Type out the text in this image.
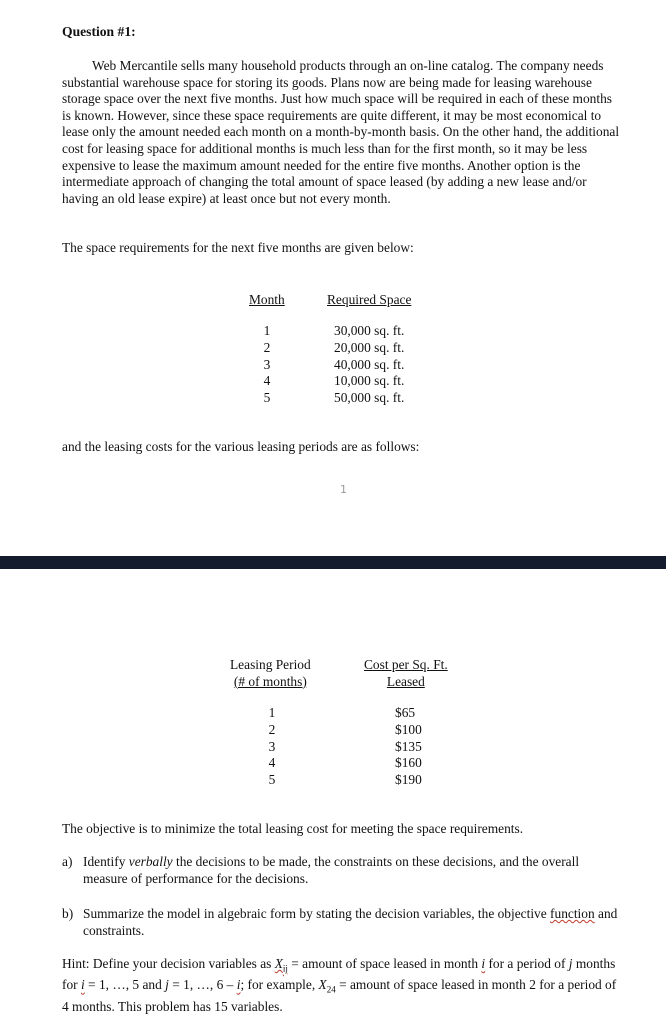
Question #1:

Web Mercantile sells many household products through an on-line catalog. The company needs substantial warehouse space for storing its goods. Plans now are being made for leasing warehouse storage space over the next five months. Just how much space will be required in each of these months is known. However, since these space requirements are quite different, it may be most economical to lease only the amount needed each month on a month-by-month basis. On the other hand, the additional cost for leasing space for additional months is much less than for the first month, so it may be less expensive to lease the maximum amount needed for the entire five months. Another option is the intermediate approach of changing the total amount of space leased (by adding a new lease and/or having an old lease expire) at least once but not every month.

The space requirements for the next five months are given below:

Month	Required Space
1
2
3
4
5
30,000 sq. ft.
20,000 sq. ft.
40,000 sq. ft.
10,000 sq. ft.
50,000 sq. ft.

and the leasing costs for the various leasing periods are as follows:

1
Leasing Period
(# of months)
Cost per Sq. Ft.
Leased
1
2
3
4
5
$65
$100
$135
$160
$190

The objective is to minimize the total leasing cost for meeting the space requirements.

a) Identify verbally the decisions to be made, the constraints on these decisions, and the overall measure of performance for the decisions.
b) Summarize the model in algebraic form by stating the decision variables, the objective function and constraints.

Hint: Define your decision variables as $X_{ij}$ = amount of space leased in month i for a period of j months for i = 1, …, 5 and j = 1, …, 6 – i; for example, $X_{24}$ = amount of space leased in month 2 for a period of 4 months. This problem has 15 variables.
